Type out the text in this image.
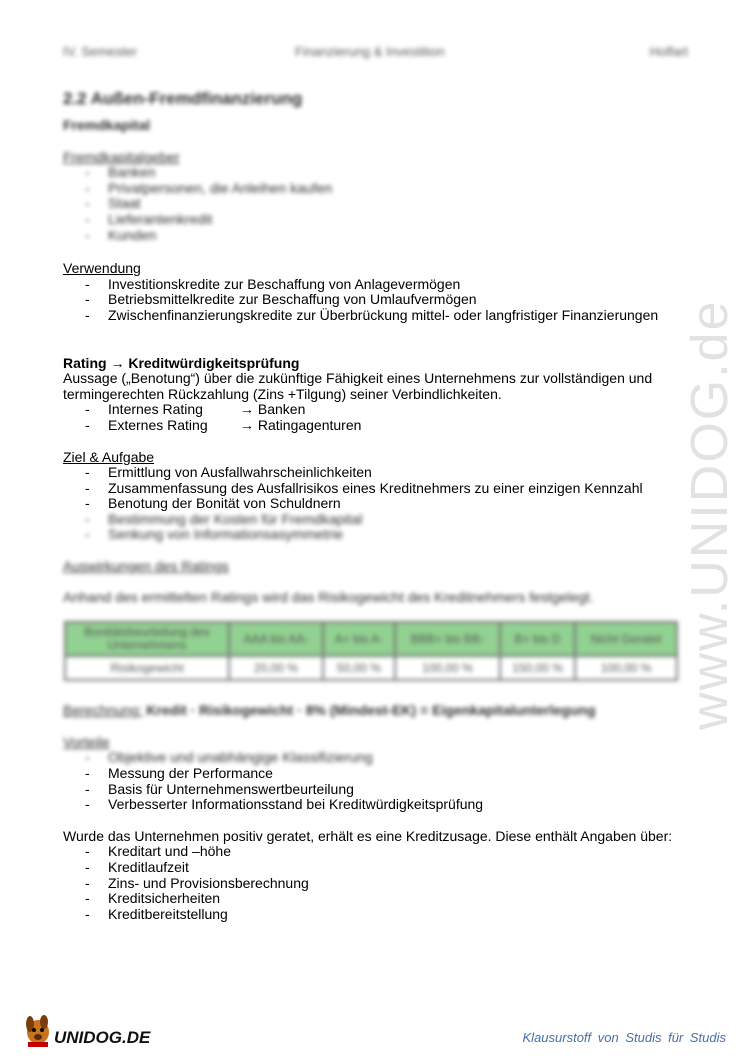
IV. Semester	Finanzierung & Investition	Holfart
www.UNIDOG.de
2.2 Außen-Fremdfinanzierung
Fremdkapital
Fremdkapitalgeber
- Banken
- Privatpersonen, die Anleihen kaufen
- Staat
- Lieferantenkredit
- Kunden
Verwendung
- Investitionskredite zur Beschaffung von Anlagevermögen
- Betriebsmittelkredite zur Beschaffung von Umlaufvermögen
- Zwischenfinanzierungskredite zur Überbrückung mittel- oder langfristiger Finanzierungen
Rating → Kreditwürdigkeitsprüfung
Aussage („Benotung“) über die zukünftige Fähigkeit eines Unternehmens zur vollständigen und
termingerechten Rückzahlung (Zins +Tilgung) seiner Verbindlichkeiten.
- Internes Rating	→ Banken
- Externes Rating	→ Ratingagenturen
Ziel & Aufgabe
- Ermittlung von Ausfallwahrscheinlichkeiten
- Zusammenfassung des Ausfallrisikos eines Kreditnehmers zu einer einzigen Kennzahl
- Benotung der Bonität von Schuldnern
- Bestimmung der Kosten für Fremdkapital
- Senkung von Informationsasymmetrie
Auswirkungen des Ratings
Anhand des ermittelten Ratings wird das Risikogewicht des Kreditnehmers festgelegt.
Bonitätsbeurteilung des Unternehmens	AAA bis AA-	A+ bis A-	BBB+ bis BB-	B+ bis D	Nicht Geratet
Risikogewicht	20,00 %	50,00 %	100,00 %	150,00 %	100,00 %
Berechnung: Kredit · Risikogewicht · 8% (Mindest-EK) = Eigenkapitalunterlegung
Vorteile
- Objektive und unabhängige Klassifizierung
- Messung der Performance
- Basis für Unternehmenswertbeurteilung
- Verbesserter Informationsstand bei Kreditwürdigkeitsprüfung
Wurde das Unternehmen positiv geratet, erhält es eine Kreditzusage. Diese enthält Angaben über:
- Kreditart und –höhe
- Kreditlaufzeit
- Zins- und Provisionsberechnung
- Kreditsicherheiten
- Kreditbereitstellung
UNIDOG.DE	Klausurstoff von Studis für Studis
